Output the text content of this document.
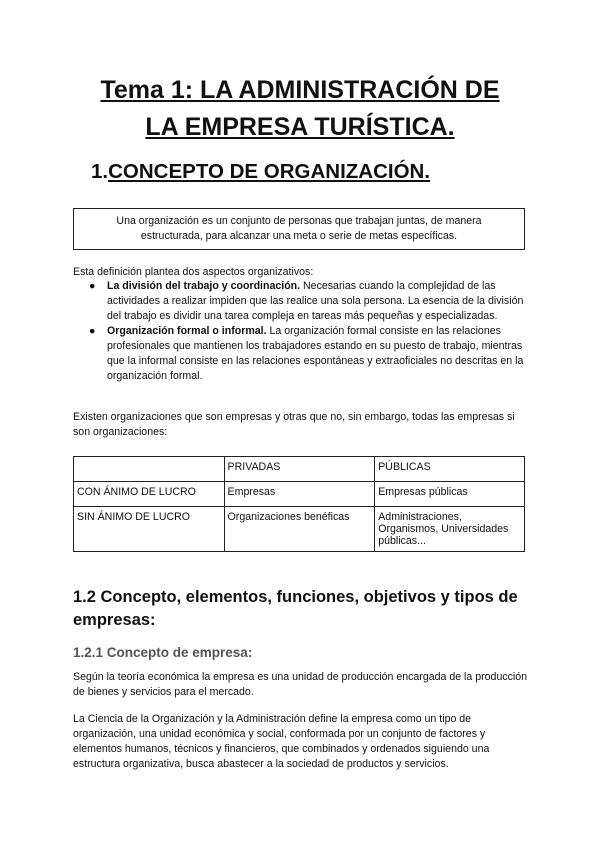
Tema 1: LA ADMINISTRACIÓN DE
LA EMPRESA TURÍSTICA.
1.CONCEPTO DE ORGANIZACIÓN.
Una organización es un conjunto de personas que trabajan juntas, de manera
estructurada, para alcanzar una meta o serie de metas específicas.
Esta definición plantea dos aspectos organizativos:
● La división del trabajo y coordinación. Necesarias cuando la complejidad de las actividades a realizar impiden que las realice una sola persona. La esencia de la división del trabajo es dividir una tarea compleja en tareas más pequeñas y especializadas.
● Organización formal o informal. La organización formal consiste en las relaciones profesionales que mantienen los trabajadores estando en su puesto de trabajo, mientras que la informal consiste en las relaciones espontáneas y extraoficiales no descritas en la organización formal.
Existen organizaciones que son empresas y otras que no, sin embargo, todas las empresas si son organizaciones:
	PRIVADAS	PÚBLICAS
CON ÁNIMO DE LUCRO	Empresas	Empresas públicas
SIN ÁNIMO DE LUCRO	Organizaciones benéficas	Administraciones, Organismos, Universidades públicas...
1.2 Concepto, elementos, funciones, objetivos y tipos de empresas:
1.2.1 Concepto de empresa:
Según la teoría económica la empresa es una unidad de producción encargada de la producción de bienes y servicios para el mercado.
La Ciencia de la Organización y la Administración define la empresa como un tipo de organización, una unidad económica y social, conformada por un conjunto de factores y elementos humanos, técnicos y financieros, que combinados y ordenados siguiendo una estructura organizativa, busca abastecer a la sociedad de productos y servicios.
